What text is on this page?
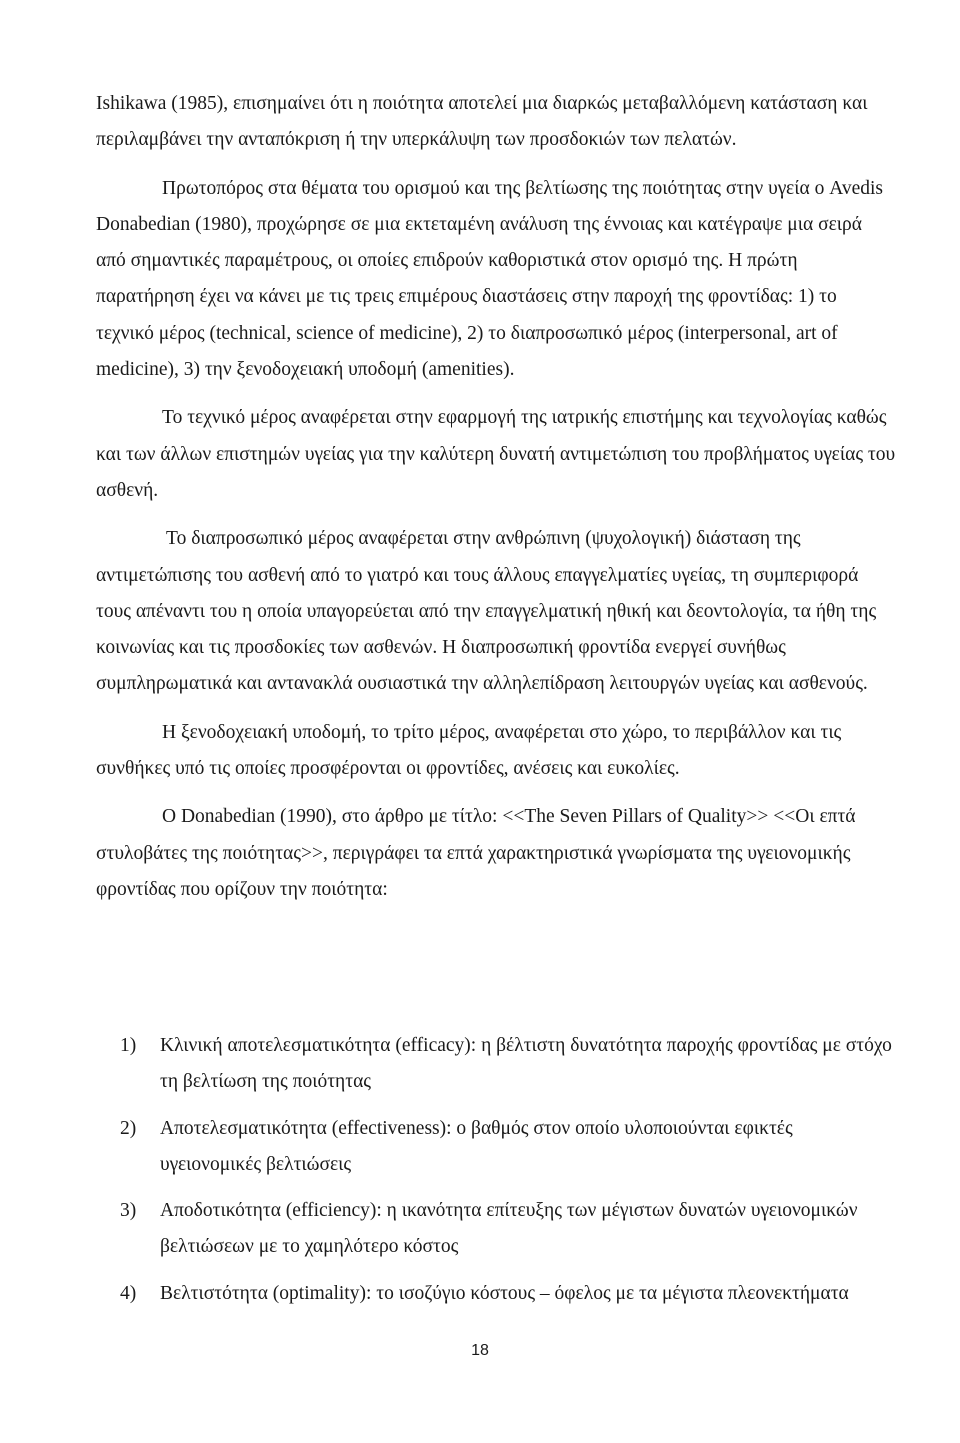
Ishikawa (1985), επισημαίνει ότι η ποιότητα αποτελεί μια διαρκώς μεταβαλλόμενη κατάσταση και περιλαμβάνει την ανταπόκριση ή την υπερκάλυψη των προσδοκιών των πελατών.

Πρωτοπόρος στα θέματα του ορισμού και της βελτίωσης της ποιότητας στην υγεία ο Avedis Donabedian (1980), προχώρησε σε μια εκτεταμένη ανάλυση της έννοιας και κατέγραψε μια σειρά από σημαντικές παραμέτρους, οι οποίες επιδρούν καθοριστικά στον ορισμό της. Η πρώτη παρατήρηση έχει να κάνει με τις τρεις επιμέρους διαστάσεις στην παροχή της φροντίδας: 1) το τεχνικό μέρος (technical, science of medicine), 2) το διαπροσωπικό μέρος (interpersonal, art of medicine), 3) την ξενοδοχειακή υποδομή (amenities).

Το τεχνικό μέρος αναφέρεται στην εφαρμογή της ιατρικής επιστήμης και τεχνολογίας καθώς και των άλλων επιστημών υγείας για την καλύτερη δυνατή αντιμετώπιση του προβλήματος υγείας του ασθενή.

Το διαπροσωπικό μέρος αναφέρεται στην ανθρώπινη (ψυχολογική) διάσταση της αντιμετώπισης του ασθενή από το γιατρό και τους άλλους επαγγελματίες υγείας, τη συμπεριφορά τους απέναντι του η οποία υπαγορεύεται από την επαγγελματική ηθική και δεοντολογία, τα ήθη της κοινωνίας και τις προσδοκίες των ασθενών. Η διαπροσωπική φροντίδα ενεργεί συνήθως συμπληρωματικά και αντανακλά ουσιαστικά την αλληλεπίδραση λειτουργών υγείας και ασθενούς.

Η ξενοδοχειακή υποδομή, το τρίτο μέρος, αναφέρεται στο χώρο, το περιβάλλον και τις συνθήκες υπό τις οποίες προσφέρονται οι φροντίδες, ανέσεις και ευκολίες.

Ο Donabedian (1990), στο άρθρο με τίτλο: <<The Seven Pillars of Quality>> <<Οι επτά στυλοβάτες της ποιότητας>>, περιγράφει τα επτά χαρακτηριστικά γνωρίσματα της υγειονομικής φροντίδας που ορίζουν την ποιότητα:

1) Κλινική αποτελεσματικότητα (efficacy): η βέλτιστη δυνατότητα παροχής φροντίδας με στόχο τη βελτίωση της ποιότητας
2) Αποτελεσματικότητα (effectiveness): ο βαθμός στον οποίο υλοποιούνται εφικτές υγειονομικές βελτιώσεις
3) Αποδοτικότητα (efficiency): η ικανότητα επίτευξης των μέγιστων δυνατών υγειονομικών βελτιώσεων με το χαμηλότερο κόστος
4) Βελτιστότητα (optimality): το ισοζύγιο κόστους – όφελος με τα μέγιστα πλεονεκτήματα
18
